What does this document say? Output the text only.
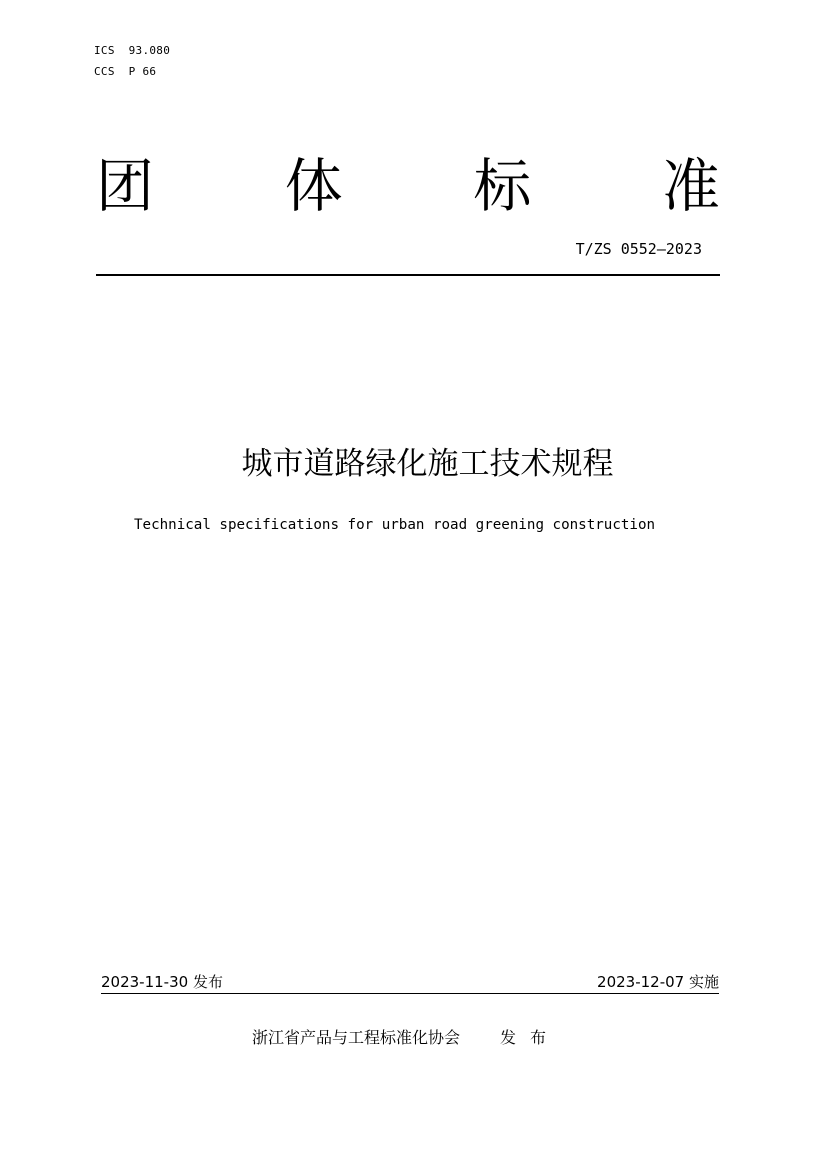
ICS  93.080
CCS  P 66
团 体 标 准
T/ZS 0552—2023
城市道路绿化施工技术规程
Technical specifications for urban road greening construction
2023-11-30 发布	2023-12-07 实施
浙江省产品与工程标准化协会	发布
